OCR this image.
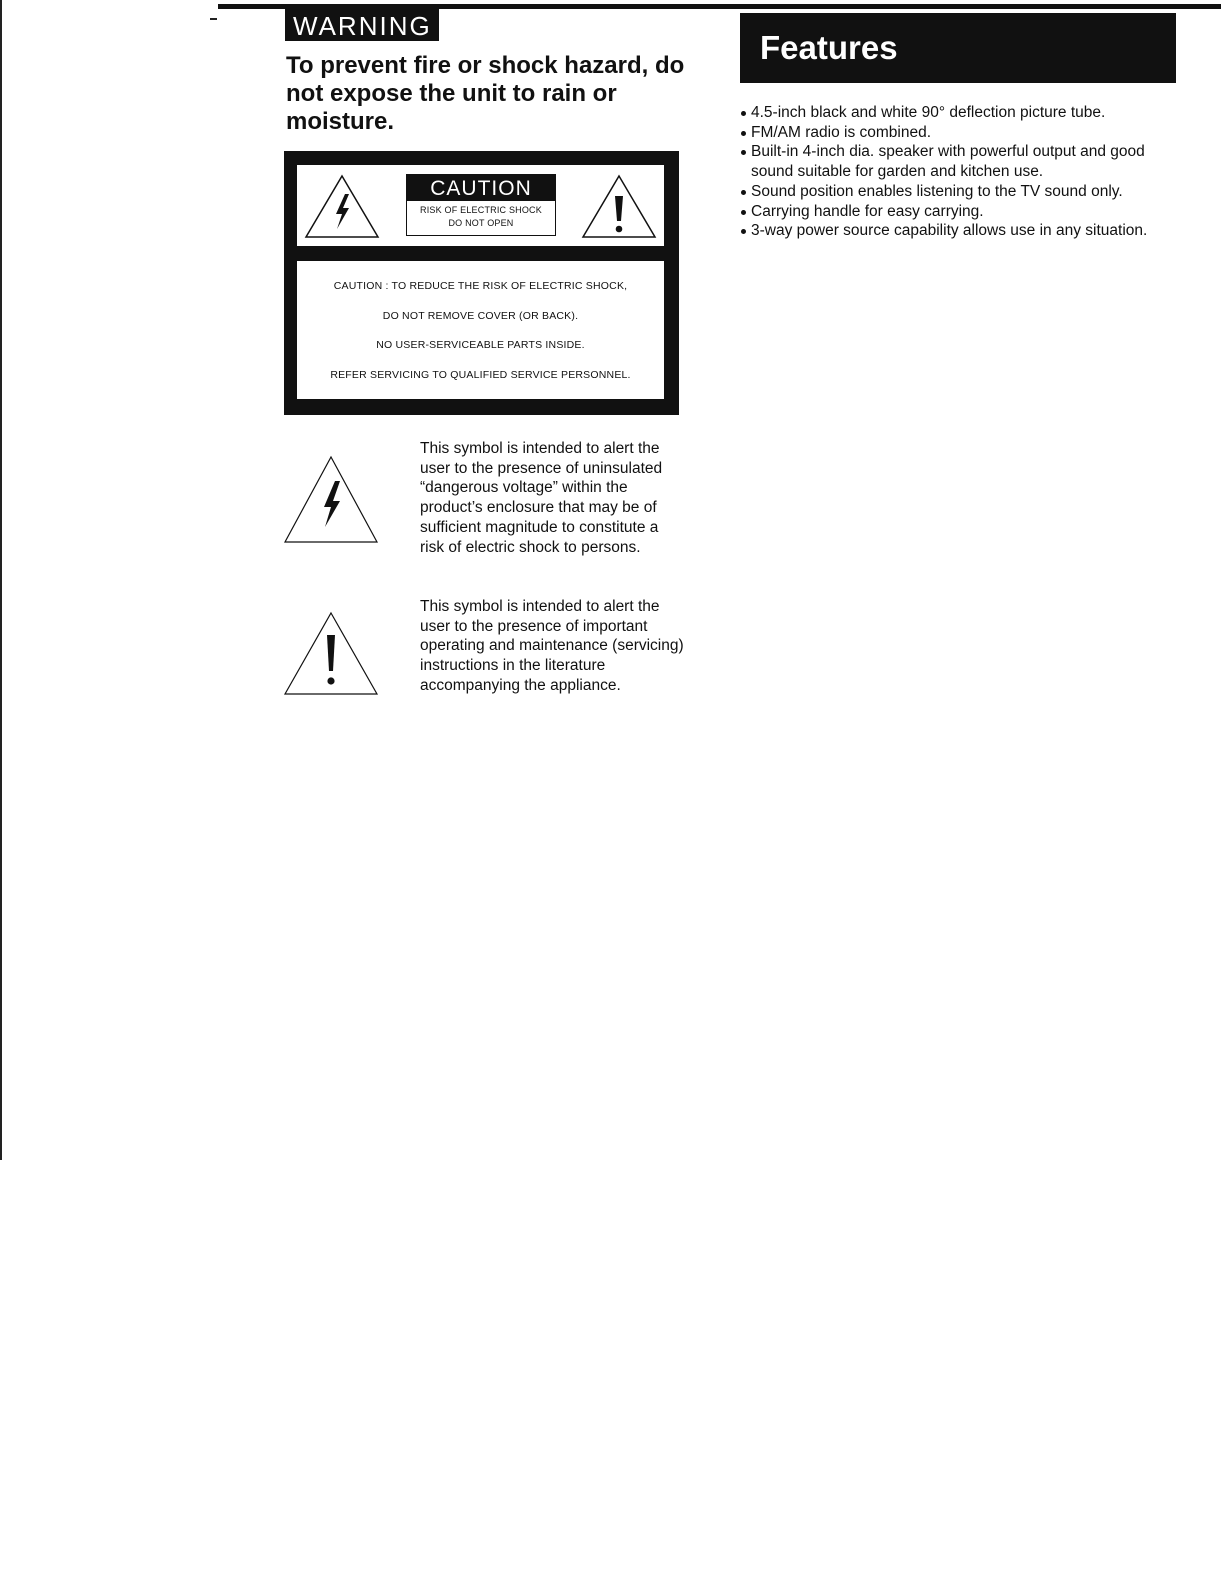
WARNING
To prevent fire or shock hazard, do not expose the unit to rain or moisture.
CAUTION
RISK OF ELECTRIC SHOCK
DO NOT OPEN
CAUTION : TO REDUCE THE RISK OF ELECTRIC SHOCK,
DO NOT REMOVE COVER (OR BACK).
NO USER-SERVICEABLE PARTS INSIDE.
REFER SERVICING TO QUALIFIED SERVICE PERSONNEL.
This symbol is intended to alert the user to the presence of uninsulated “dangerous voltage” within the product’s enclosure that may be of sufficient magnitude to constitute a risk of electric shock to persons.
This symbol is intended to alert the user to the presence of important operating and maintenance (servicing) instructions in the literature accompanying the appliance.
Features
4.5-inch black and white 90° deflection picture tube.
FM/AM radio is combined.
Built-in 4-inch dia. speaker with powerful output and good sound suitable for garden and kitchen use.
Sound position enables listening to the TV sound only.
Carrying handle for easy carrying.
3-way power source capability allows use in any situation.
